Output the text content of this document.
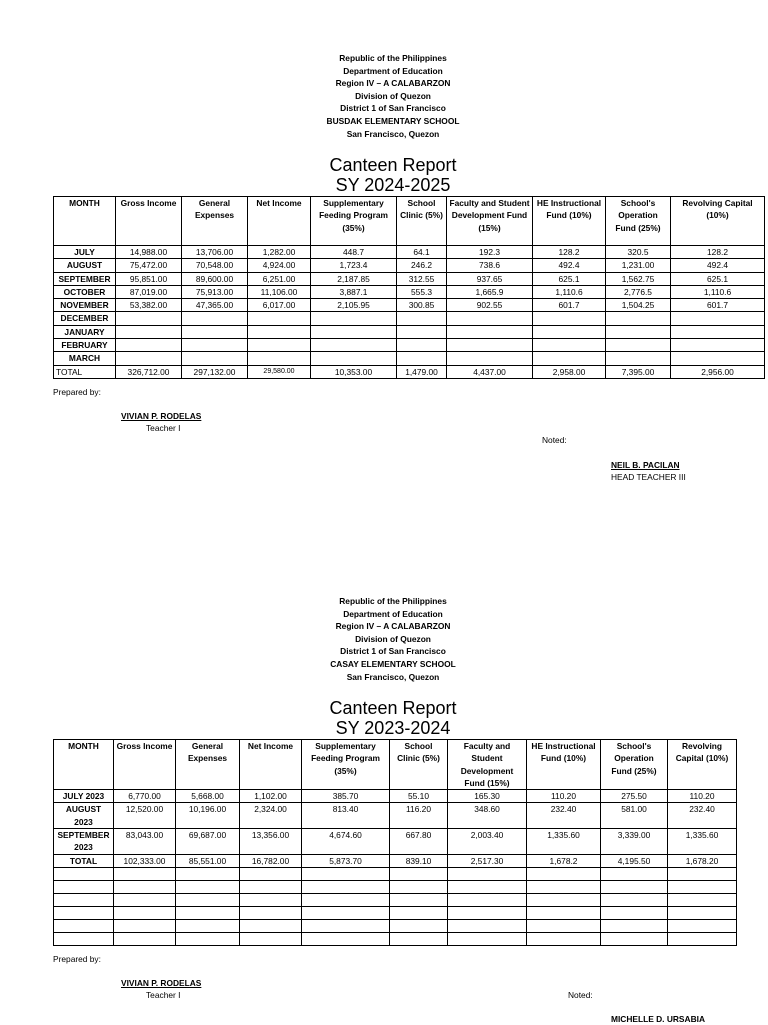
Republic of the Philippines
Department of Education
Region IV – A CALABARZON
Division of Quezon
District 1 of San Francisco
BUSDAK ELEMENTARY SCHOOL
San Francisco, Quezon
Canteen Report
SY 2024-2025
MONTH	Gross Income	General Expenses	Net Income	Supplementary Feeding Program (35%)	School Clinic (5%)	Faculty and Student Development Fund (15%)	HE Instructional Fund (10%)	School's Operation Fund (25%)	Revolving Capital (10%)
JULY	14,988.00	13,706.00	1,282.00	448.7	64.1	192.3	128.2	320.5	128.2
AUGUST	75,472.00	70,548.00	4,924.00	1,723.4	246.2	738.6	492.4	1,231.00	492.4
SEPTEMBER	95,851.00	89,600.00	6,251.00	2,187.85	312.55	937.65	625.1	1,562.75	625.1
OCTOBER	87,019.00	75,913.00	11,106.00	3,887.1	555.3	1,665.9	1,110.6	2,776.5	1,110.6
NOVEMBER	53,382.00	47,365.00	6,017.00	2,105.95	300.85	902.55	601.7	1,504.25	601.7
DECEMBER									
JANUARY									
FEBRUARY									
MARCH									
TOTAL	326,712.00	297,132.00	29,580.00	10,353.00	1,479.00	4,437.00	2,958.00	7,395.00	2,956.00
Prepared by:
VIVIAN P. RODELAS
Teacher I
Noted:
NEIL B. PACILAN
HEAD TEACHER III
Republic of the Philippines
Department of Education
Region IV – A CALABARZON
Division of Quezon
District 1 of San Francisco
CASAY ELEMENTARY SCHOOL
San Francisco, Quezon
Canteen Report
SY 2023-2024
MONTH	Gross Income	General Expenses	Net Income	Supplementary Feeding Program (35%)	School Clinic (5%)	Faculty and Student Development Fund (15%)	HE Instructional Fund (10%)	School's Operation Fund (25%)	Revolving Capital (10%)
JULY 2023	6,770.00	5,668.00	1,102.00	385.70	55.10	165.30	110.20	275.50	110.20
AUGUST 2023	12,520.00	10,196.00	2,324.00	813.40	116.20	348.60	232.40	581.00	232.40
SEPTEMBER 2023	83,043.00	69,687.00	13,356.00	4,674.60	667.80	2,003.40	1,335.60	3,339.00	1,335.60
TOTAL	102,333.00	85,551.00	16,782.00	5,873.70	839.10	2,517.30	1,678.2	4,195.50	1,678.20

Prepared by:
VIVIAN P. RODELAS
Teacher I	Noted:
MICHELLE D. URSABIA
